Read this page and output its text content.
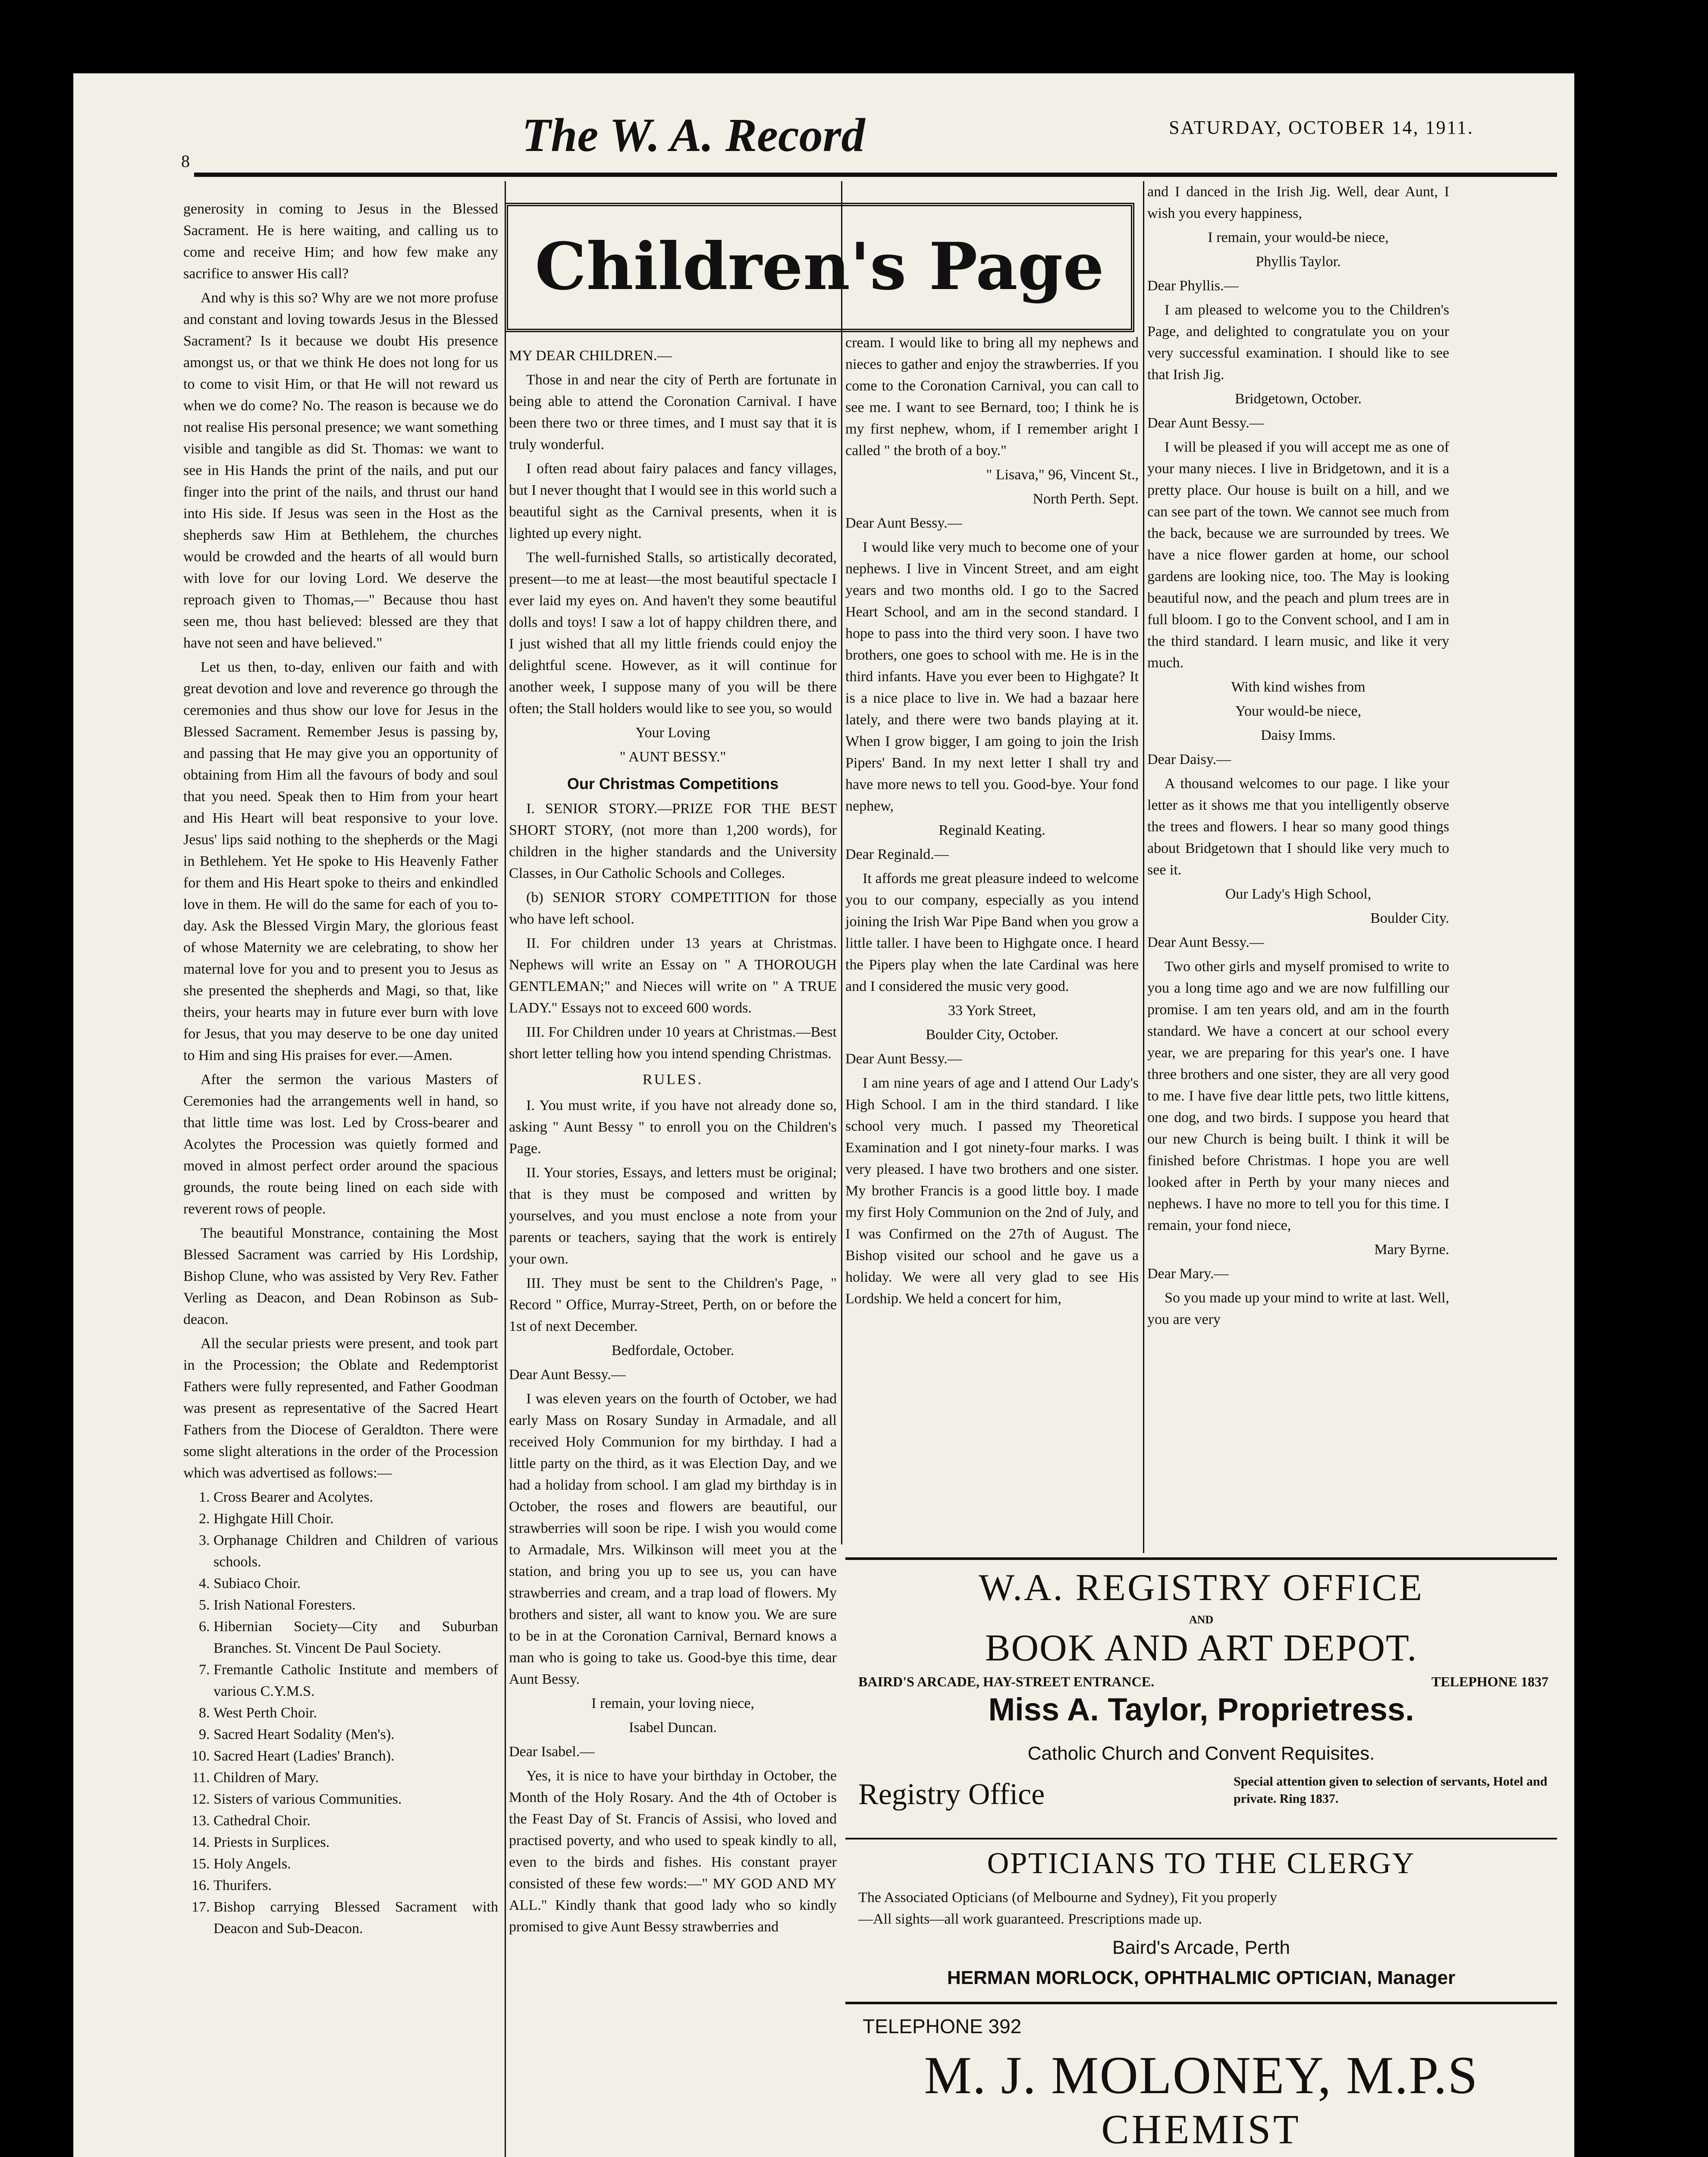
8	The W. A. Record	SATURDAY, OCTOBER 14, 1911.

generosity in coming to Jesus in the Blessed Sacrament. He is here waiting, and calling us to come and receive Him; and how few make any sacrifice to answer His call?

And why is this so? Why are we not more profuse and constant and loving towards Jesus in the Blessed Sacrament? Is it because we doubt His presence amongst us, or that we think He does not long for us to come to visit Him, or that He will not reward us when we do come? No. The reason is because we do not realise His personal presence; we want something visible and tangible as did St. Thomas: we want to see in His Hands the print of the nails, and put our finger into the print of the nails, and thrust our hand into His side. If Jesus was seen in the Host as the shepherds saw Him at Bethlehem, the churches would be crowded and the hearts of all would burn with love for our loving Lord. We deserve the reproach given to Thomas,—" Because thou hast seen me, thou hast believed: blessed are they that have not seen and have believed."

Let us then, to-day, enliven our faith and with great devotion and love and reverence go through the ceremonies and thus show our love for Jesus in the Blessed Sacrament. Remember Jesus is passing by, and passing that He may give you an opportunity of obtaining from Him all the favours of body and soul that you need. Speak then to Him from your heart and His Heart will beat responsive to your love. Jesus' lips said nothing to the shepherds or the Magi in Bethlehem. Yet He spoke to His Heavenly Father for them and His Heart spoke to theirs and enkindled love in them. He will do the same for each of you to-day. Ask the Blessed Virgin Mary, the glorious feast of whose Maternity we are celebrating, to show her maternal love for you and to present you to Jesus as she presented the shepherds and Magi, so that, like theirs, your hearts may in future ever burn with love for Jesus, that you may deserve to be one day united to Him and sing His praises for ever.—Amen.

After the sermon the various Masters of Ceremonies had the arrangements well in hand, so that little time was lost. Led by Cross-bearer and Acolytes the Procession was quietly formed and moved in almost perfect order around the spacious grounds, the route being lined on each side with reverent rows of people.

The beautiful Monstrance, containing the Most Blessed Sacrament was carried by His Lordship, Bishop Clune, who was assisted by Very Rev. Father Verling as Deacon, and Dean Robinson as Sub-deacon.

All the secular priests were present, and took part in the Procession; the Oblate and Redemptorist Fathers were fully represented, and Father Goodman was present as representative of the Sacred Heart Fathers from the Diocese of Geraldton. There were some slight alterations in the order of the Procession which was advertised as follows:—

1. Cross Bearer and Acolytes.
2. Highgate Hill Choir.
3. Orphanage Children and Children of various schools.
4. Subiaco Choir.
5. Irish National Foresters.
6. Hibernian Society—City and Suburban Branches. St. Vincent De Paul Society.
7. Fremantle Catholic Institute and members of various C.Y.M.S.
8. West Perth Choir.
9. Sacred Heart Sodality (Men's).
10. Sacred Heart (Ladies' Branch).
11. Children of Mary.
12. Sisters of various Communities.
13. Cathedral Choir.
14. Priests in Surplices.
15. Holy Angels.
16. Thurifers.
17. Bishop carrying Blessed Sacrament with Deacon and Sub-Deacon.
Children's Page

MY DEAR CHILDREN.—

Those in and near the city of Perth are fortunate in being able to attend the Coronation Carnival. I have been there two or three times, and I must say that it is truly wonderful.

I often read about fairy palaces and fancy villages, but I never thought that I would see in this world such a beautiful sight as the Carnival presents, when it is lighted up every night.

The well-furnished Stalls, so artistically decorated, present—to me at least—the most beautiful spectacle I ever laid my eyes on. And haven't they some beautiful dolls and toys! I saw a lot of happy children there, and I just wished that all my little friends could enjoy the delightful scene. However, as it will continue for another week, I suppose many of you will be there often; the Stall holders would like to see you, so would

Your Loving

" AUNT BESSY."

Our Christmas Competitions

I. SENIOR STORY.—PRIZE FOR THE BEST SHORT STORY, (not more than 1,200 words), for children in the higher standards and the University Classes, in Our Catholic Schools and Colleges.

(b) SENIOR STORY COMPETITION for those who have left school.

II. For children under 13 years at Christmas. Nephews will write an Essay on " A THOROUGH GENTLEMAN;" and Nieces will write on " A TRUE LADY." Essays not to exceed 600 words.

III. For Children under 10 years at Christmas.—Best short letter telling how you intend spending Christmas.

RULES.

I. You must write, if you have not already done so, asking " Aunt Bessy " to enroll you on the Children's Page.

II. Your stories, Essays, and letters must be original; that is they must be composed and written by yourselves, and you must enclose a note from your parents or teachers, saying that the work is entirely your own.

III. They must be sent to the Children's Page, " Record " Office, Murray-Street, Perth, on or before the 1st of next December.

Bedfordale, October.

Dear Aunt Bessy.—

I was eleven years on the fourth of October, we had early Mass on Rosary Sunday in Armadale, and all received Holy Communion for my birthday. I had a little party on the third, as it was Election Day, and we had a holiday from school. I am glad my birthday is in October, the roses and flowers are beautiful, our strawberries will soon be ripe. I wish you would come to Armadale, Mrs. Wilkinson will meet you at the station, and bring you up to see us, you can have strawberries and cream, and a trap load of flowers. My brothers and sister, all want to know you. We are sure to be in at the Coronation Carnival, Bernard knows a man who is going to take us. Good-bye this time, dear Aunt Bessy.

I remain, your loving niece,

Isabel Duncan.

Dear Isabel.—

Yes, it is nice to have your birthday in October, the Month of the Holy Rosary. And the 4th of October is the Feast Day of St. Francis of Assisi, who loved and practised poverty, and who used to speak kindly to all, even to the birds and fishes. His constant prayer consisted of these few words:—" MY GOD AND MY ALL." Kindly thank that good lady who so kindly promised to give Aunt Bessy strawberries and

cream. I would like to bring all my nephews and nieces to gather and enjoy the strawberries. If you come to the Coronation Carnival, you can call to see me. I want to see Bernard, too; I think he is my first nephew, whom, if I remember aright I called " the broth of a boy."

" Lisava," 96, Vincent St.,

North Perth. Sept.

Dear Aunt Bessy.—

I would like very much to become one of your nephews. I live in Vincent Street, and am eight years and two months old. I go to the Sacred Heart School, and am in the second standard. I hope to pass into the third very soon. I have two brothers, one goes to school with me. He is in the third infants. Have you ever been to Highgate? It is a nice place to live in. We had a bazaar here lately, and there were two bands playing at it. When I grow bigger, I am going to join the Irish Pipers' Band. In my next letter I shall try and have more news to tell you. Good-bye. Your fond nephew,

Reginald Keating.

Dear Reginald.—

It affords me great pleasure indeed to welcome you to our company, especially as you intend joining the Irish War Pipe Band when you grow a little taller. I have been to Highgate once. I heard the Pipers play when the late Cardinal was here and I considered the music very good.

33 York Street,

Boulder City, October.

Dear Aunt Bessy.—

I am nine years of age and I attend Our Lady's High School. I am in the third standard. I like school very much. I passed my Theoretical Examination and I got ninety-four marks. I was very pleased. I have two brothers and one sister. My brother Francis is a good little boy. I made my first Holy Communion on the 2nd of July, and I was Confirmed on the 27th of August. The Bishop visited our school and he gave us a holiday. We were all very glad to see His Lordship. We held a concert for him,

and I danced in the Irish Jig. Well, dear Aunt, I wish you every happiness,

I remain, your would-be niece,

Phyllis Taylor.

Dear Phyllis.—

I am pleased to welcome you to the Children's Page, and delighted to congratulate you on your very successful examination. I should like to see that Irish Jig.

Bridgetown, October.

Dear Aunt Bessy.—

I will be pleased if you will accept me as one of your many nieces. I live in Bridgetown, and it is a pretty place. Our house is built on a hill, and we can see part of the town. We cannot see much from the back, because we are surrounded by trees. We have a nice flower garden at home, our school gardens are looking nice, too. The May is looking beautiful now, and the peach and plum trees are in full bloom. I go to the Convent school, and I am in the third standard. I learn music, and like it very much.

With kind wishes from

Your would-be niece,

Daisy Imms.

Dear Daisy.—

A thousand welcomes to our page. I like your letter as it shows me that you intelligently observe the trees and flowers. I hear so many good things about Bridgetown that I should like very much to see it.

Our Lady's High School,

Boulder City.

Dear Aunt Bessy.—

Two other girls and myself promised to write to you a long time ago and we are now fulfilling our promise. I am ten years old, and am in the fourth standard. We have a concert at our school every year, we are preparing for this year's one. I have three brothers and one sister, they are all very good to me. I have five dear little pets, two little kittens, one dog, and two birds. I suppose you heard that our new Church is being built. I think it will be finished before Christmas. I hope you are well looked after in Perth by your many nieces and nephews. I have no more to tell you for this time. I remain, your fond niece,

Mary Byrne.

Dear Mary.—

So you made up your mind to write at last. Well, you are very

W.A. REGISTRY OFFICE
AND
BOOK AND ART DEPOT.
BAIRD'S ARCADE, HAY-STREET ENTRANCE.	TELEPHONE 1837
Miss A. Taylor, Proprietress.
Catholic Church and Convent Requisites.
Registry Office	Special attention given to selection of servants, Hotel and private. Ring 1837.
OPTICIANS TO THE CLERGY
The Associated Opticians (of Melbourne and Sydney), Fit you properly
—All sights—all work guaranteed. Prescriptions made up.
Baird's Arcade, Perth
HERMAN MORLOCK, OPHTHALMIC OPTICIAN, Manager
TELEPHONE 392
M. J. MOLONEY, M.P.S
CHEMIST
